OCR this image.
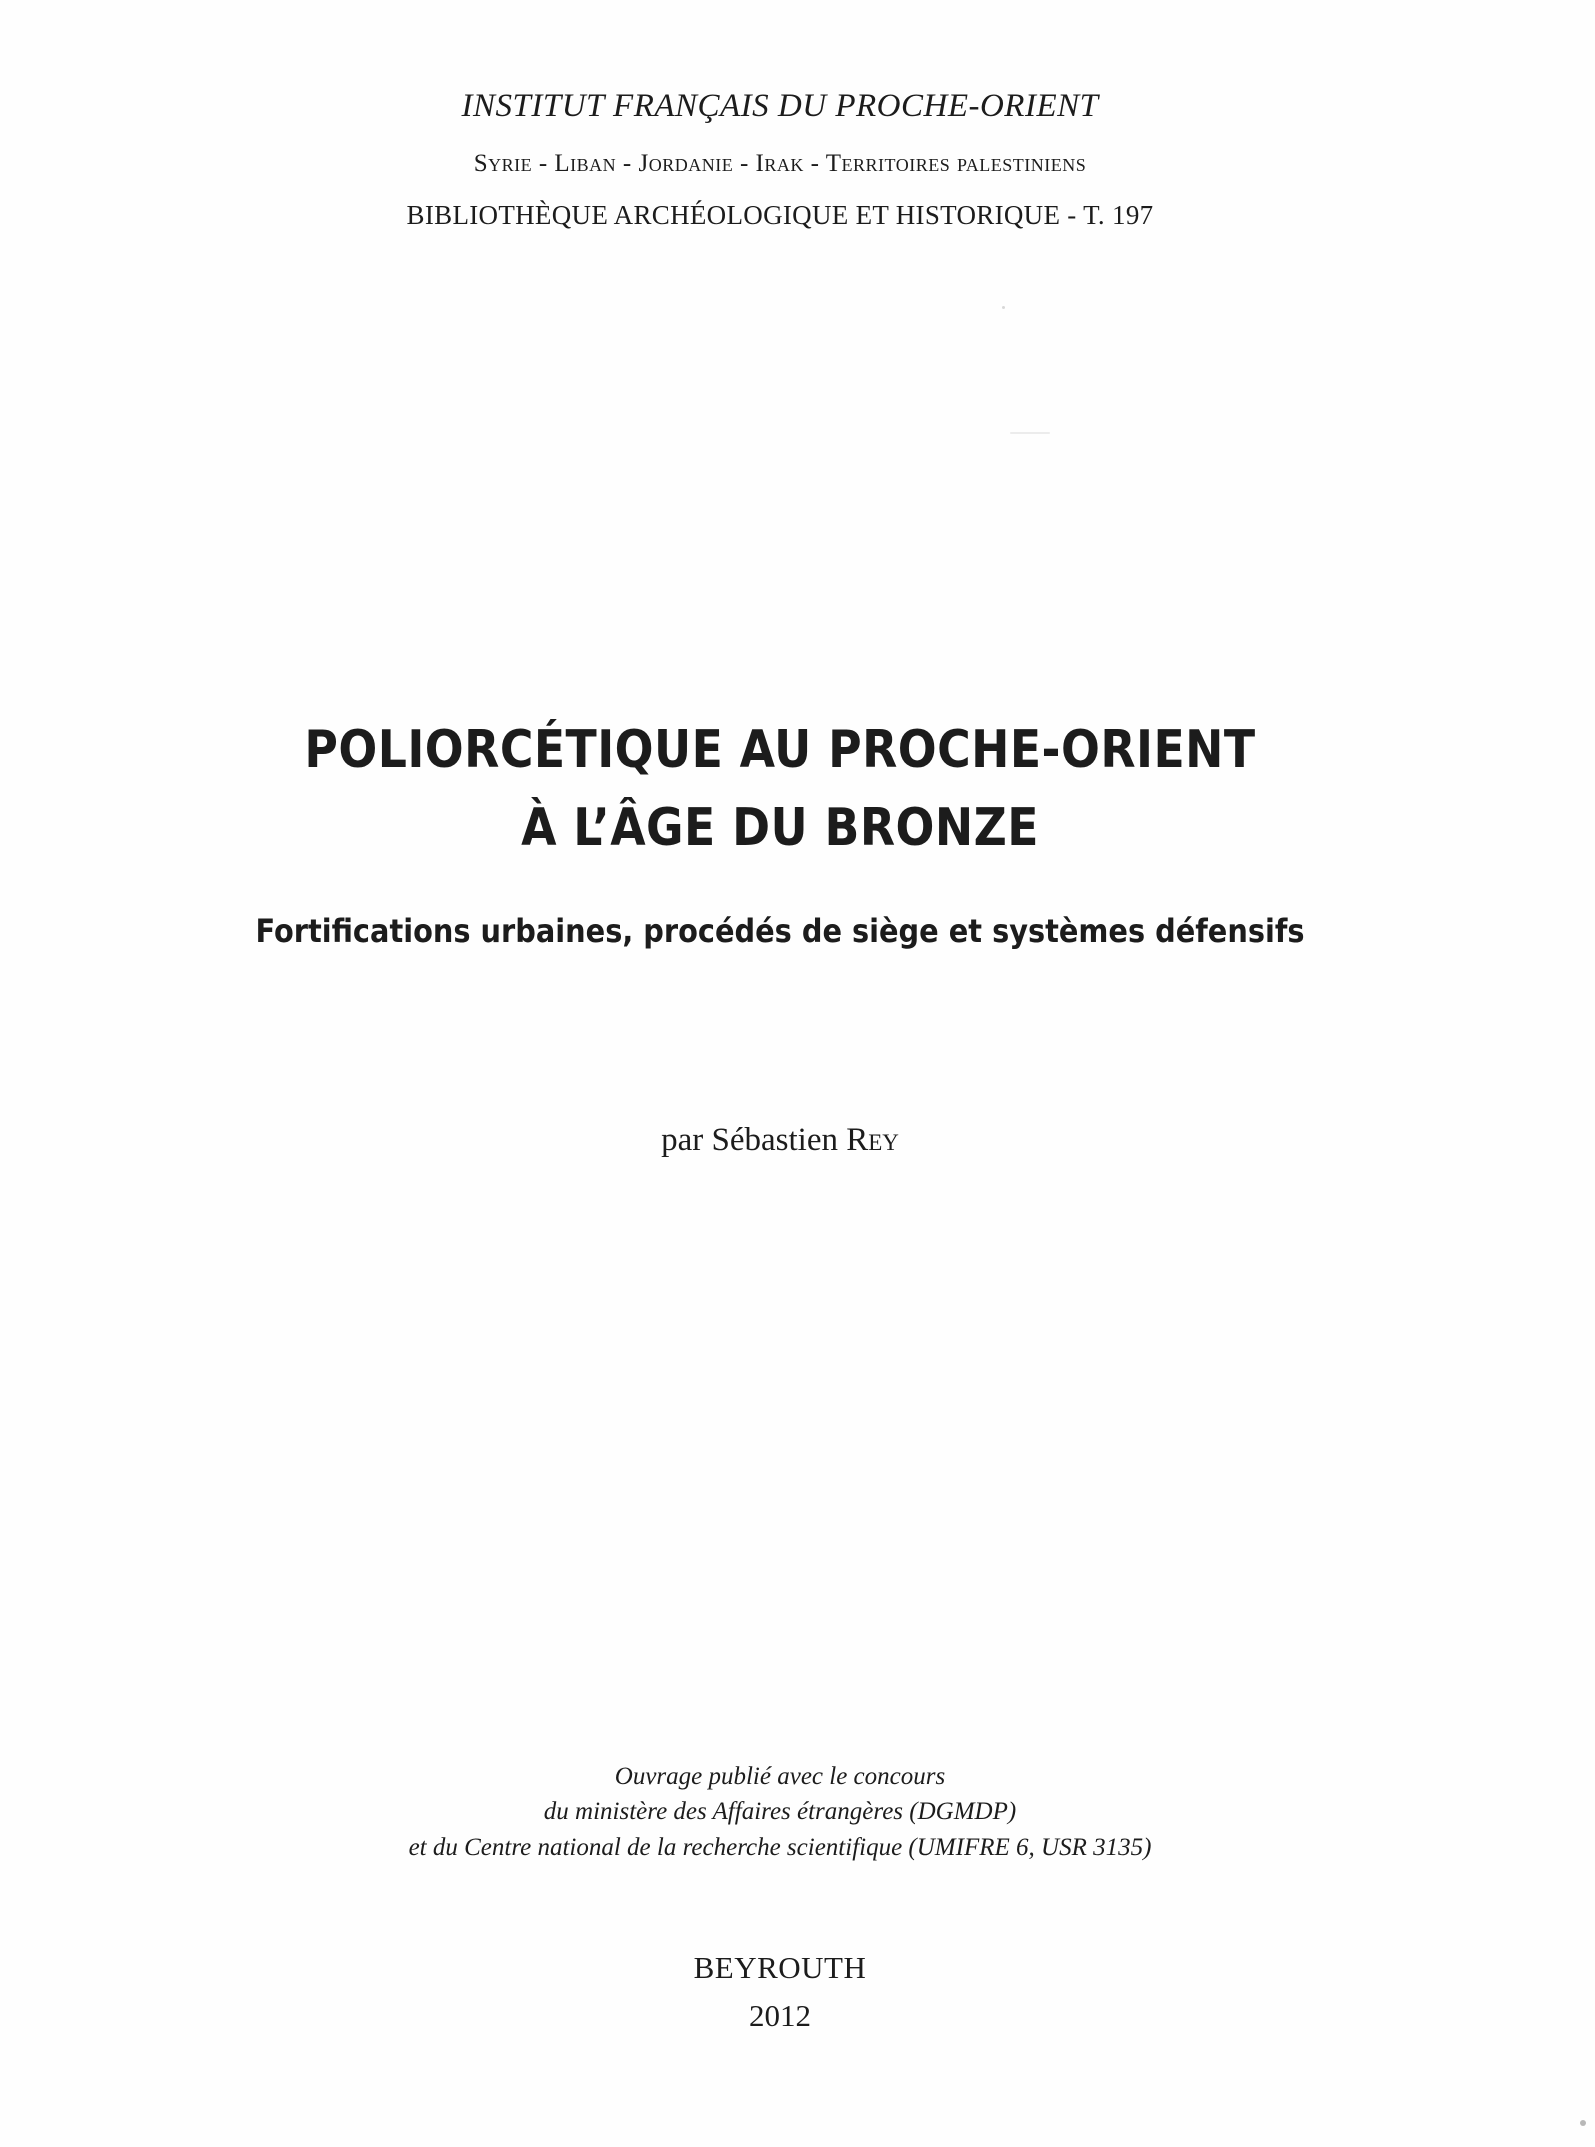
INSTITUT FRANÇAIS DU PROCHE-ORIENT
Syrie - Liban - Jordanie - Irak - Territoires palestiniens
BIBLIOTHÈQUE ARCHÉOLOGIQUE ET HISTORIQUE - T. 197
POLIORCÉTIQUE AU PROCHE-ORIENT
À L’ÂGE DU BRONZE
Fortifications urbaines, procédés de siège et systèmes défensifs
par Sébastien Rey
Ouvrage publié avec le concours
du ministère des Affaires étrangères (DGMDP)
et du Centre national de la recherche scientifique (UMIFRE 6, USR 3135)
BEYROUTH
2012
